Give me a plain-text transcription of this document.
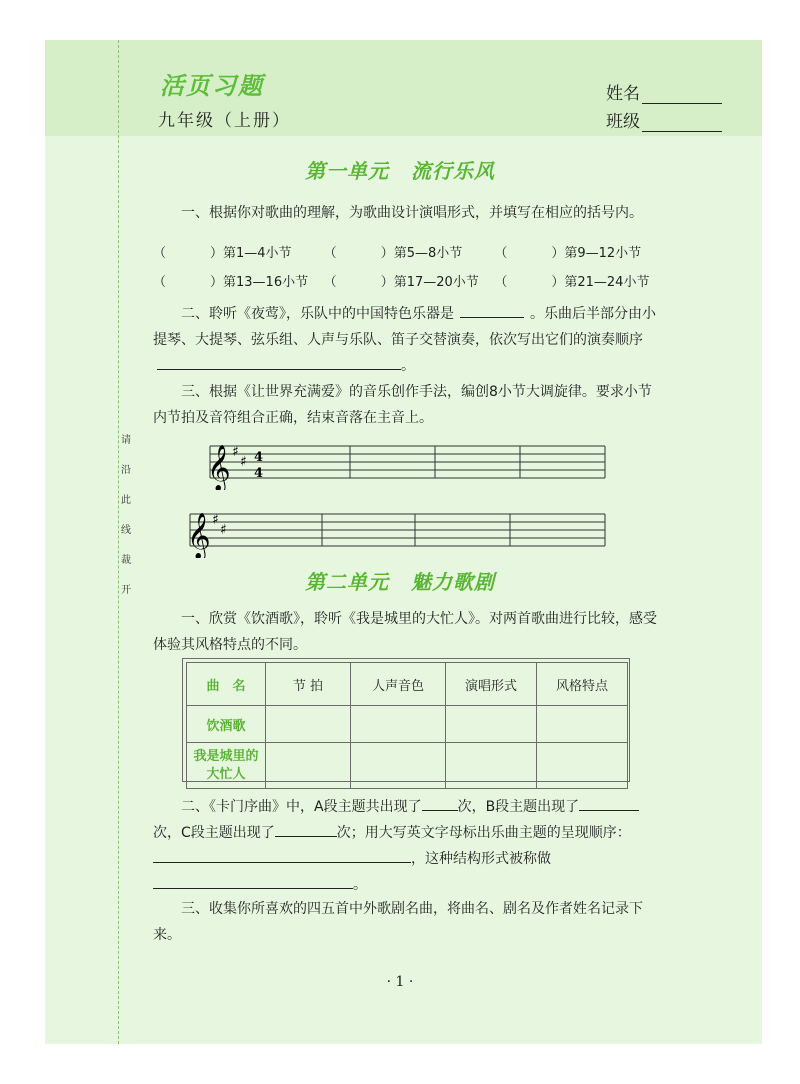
请
沿
此
线
裁
开
活页习题
九年级（上册）
姓名
班级
第一单元 流行乐风
一、根据你对歌曲的理解，为歌曲设计演唱形式，并填写在相应的括号内。
（	）第1—4小节 （	）第5—8小节 （	）第9—12小节
（	）第13—16小节 （	）第17—20小节 （	）第21—24小节
二、聆听《夜莺》，乐队中的中国特色乐器是	。乐曲后半部分由小提琴、大提琴、弦乐组、人声与乐队、笛子交替演奏，依次写出它们的演奏顺序。
三、根据《让世界充满爱》的音乐创作手法，编创8小节大调旋律。要求小节内节拍及音符组合正确，结束音落在主音上。
𝄞 ♯
♯ 4
4
𝄞 ♯
♯
第二单元 魅力歌剧
一、欣赏《饮酒歌》，聆听《我是城里的大忙人》。对两首歌曲进行比较，感受体验其风格特点的不同。
曲　名	节 拍	人声音色	演唱形式	风格特点
饮酒歌				
我是城里的大忙人				
二、《卡门序曲》中，A段主题共出现了	次，B段主题出现了次，C段主题出现了	次；用大写英文字母标出乐曲主题的呈现顺序：，这种结构形式被称做。
三、收集你所喜欢的四五首中外歌剧名曲，将曲名、剧名及作者姓名记录下来。
· 1 ·
